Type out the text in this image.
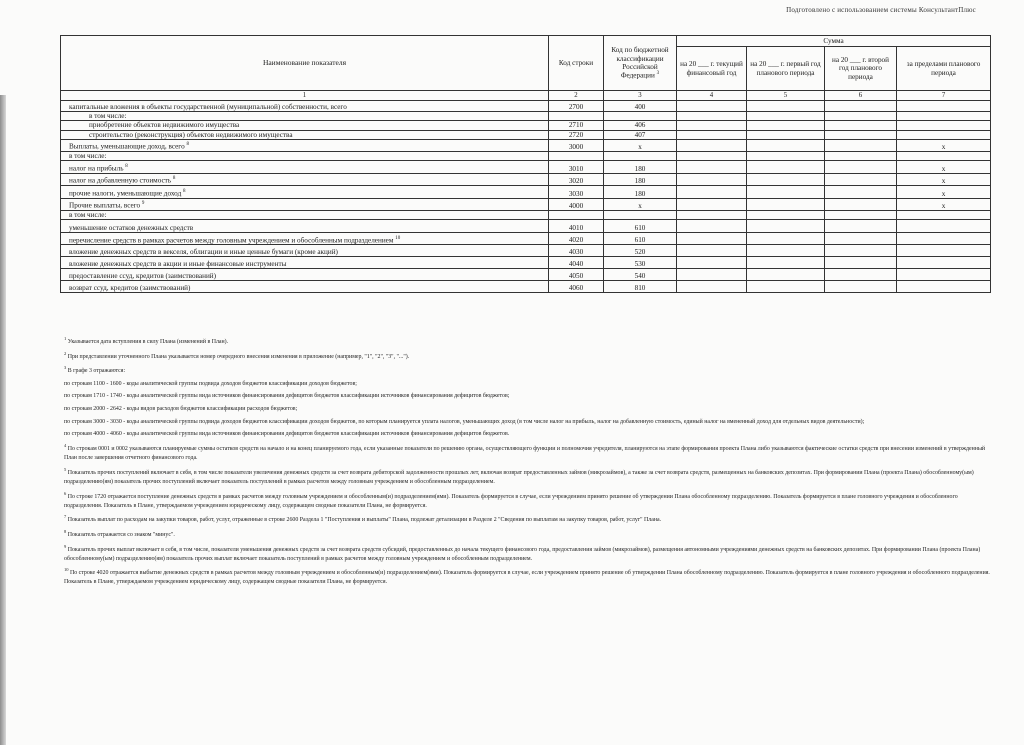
Подготовлено с использованием системы КонсультантПлюс
Наименование показателя	Код строки	Код по бюджетной классификации Российской Федерации $^3$	Сумма			
			на 20 ___ г. текущий финансовый год	на 20 ___ г. первый год планового периода	на 20 ___ г. второй год планового периода	за пределами планового периода
1	2	3	4	5	6	7
капитальные вложения в объекты государственной (муниципальной) собственности, всего	2700	400				
в том числе:						
приобретение объектов недвижимого имущества	2710	406				
строительство (реконструкция) объектов недвижимого имущества	2720	407				
Выплаты, уменьшающие доход, всего $^8$	3000	x				x
в том числе:						
налог на прибыль $^8$	3010	180				x
налог на добавленную стоимость $^8$	3020	180				x
прочие налоги, уменьшающие доход $^8$	3030	180				x
Прочие выплаты, всего $^9$	4000	x				x
в том числе:						
уменьшение остатков денежных средств	4010	610				
перечисление средств в рамках расчетов между головным учреждением и обособленным подразделением $^{10}$	4020	610				
вложение денежных средств в векселя, облигации и иные ценные бумаги (кроме акций)	4030	520				
вложение денежных средств в акции и иные финансовые инструменты	4040	530				
предоставление ссуд, кредитов (заимствований)	4050	540				
возврат ссуд, кредитов (заимствований)	4060	810				

$^1$ Указывается дата вступления в силу Плана (изменений в План).

$^2$ При представлении уточненного Плана указывается номер очередного внесения изменения в приложение (например, "1", "2", "3", "...").

$^3$ В графе 3 отражаются:

по строкам 1100 - 1600 - коды аналитической группы подвида доходов бюджетов классификации доходов бюджетов;

по строкам 1710 - 1740 - коды аналитической группы вида источников финансирования дефицитов бюджетов классификации источников финансирования дефицитов бюджетов;

по строкам 2000 - 2642 - коды видов расходов бюджетов классификации расходов бюджетов;

по строкам 3000 - 3030 - коды аналитической группы подвида доходов бюджетов классификации доходов бюджетов, по которым планируется уплата налогов, уменьшающих доход (в том числе налог на прибыль, налог на добавленную стоимость, единый налог на вмененный доход для отдельных видов деятельности);

по строкам 4000 - 4060 - коды аналитической группы вида источников финансирования дефицитов бюджетов классификации источников финансирования дефицитов бюджетов.

$^4$ По строкам 0001 и 0002 указываются планируемые суммы остатков средств на начало и на конец планируемого года, если указанные показатели по решению органа, осуществляющего функции и полномочия учредителя, планируются на этапе формирования проекта Плана либо указываются фактические остатки средств при внесении изменений в утвержденный План после завершения отчетного финансового года.

$^5$ Показатель прочих поступлений включает в себя, в том числе показатели увеличения денежных средств за счет возврата дебиторской задолженности прошлых лет, включая возврат предоставленных займов (микрозаймов), а также за счет возврата средств, размещенных на банковских депозитах. При формировании Плана (проекта Плана) обособленному(ым) подразделению(ям) показатель прочих поступлений включает показатель поступлений в рамках расчетов между головным учреждением и обособленным подразделением.

$^6$ По строке 1720 отражается поступление денежных средств в рамках расчетов между головным учреждением и обособленным(и) подразделением(ями). Показатель формируется в случае, если учреждением принято решение об утверждении Плана обособленному подразделению. Показатель формируется в плане головного учреждения и обособленного подразделения. Показатель в Плане, утверждаемом учреждением юридическому лицу, содержащем сводные показатели Плана, не формируется.

$^7$ Показатель выплат по расходам на закупки товаров, работ, услуг, отраженные в строке 2600 Раздела 1 "Поступления и выплаты" Плана, подлежат детализации в Разделе 2 "Сведения по выплатам на закупку товаров, работ, услуг" Плана.

$^8$ Показатель отражается со знаком "минус".

$^9$ Показатель прочих выплат включает в себя, в том числе, показатели уменьшения денежных средств за счет возврата средств субсидий, предоставленных до начала текущего финансового года, предоставления займов (микрозаймов), размещения автономными учреждениями денежных средств на банковских депозитах. При формировании Плана (проекта Плана) обособленному(ым) подразделению(ям) показатель прочих выплат включает показатель поступлений в рамках расчетов между головным учреждением и обособленным подразделением.

$^{10}$ По строке 4020 отражается выбытие денежных средств в рамках расчетов между головным учреждением и обособленным(и) подразделением(ями). Показатель формируется в случае, если учреждением принято решение об утверждении Плана обособленному подразделению. Показатель формируется в плане головного учреждения и обособленного подразделения. Показатель в Плане, утверждаемом учреждением юридическому лицу, содержащем сводные показатели Плана, не формируется.
